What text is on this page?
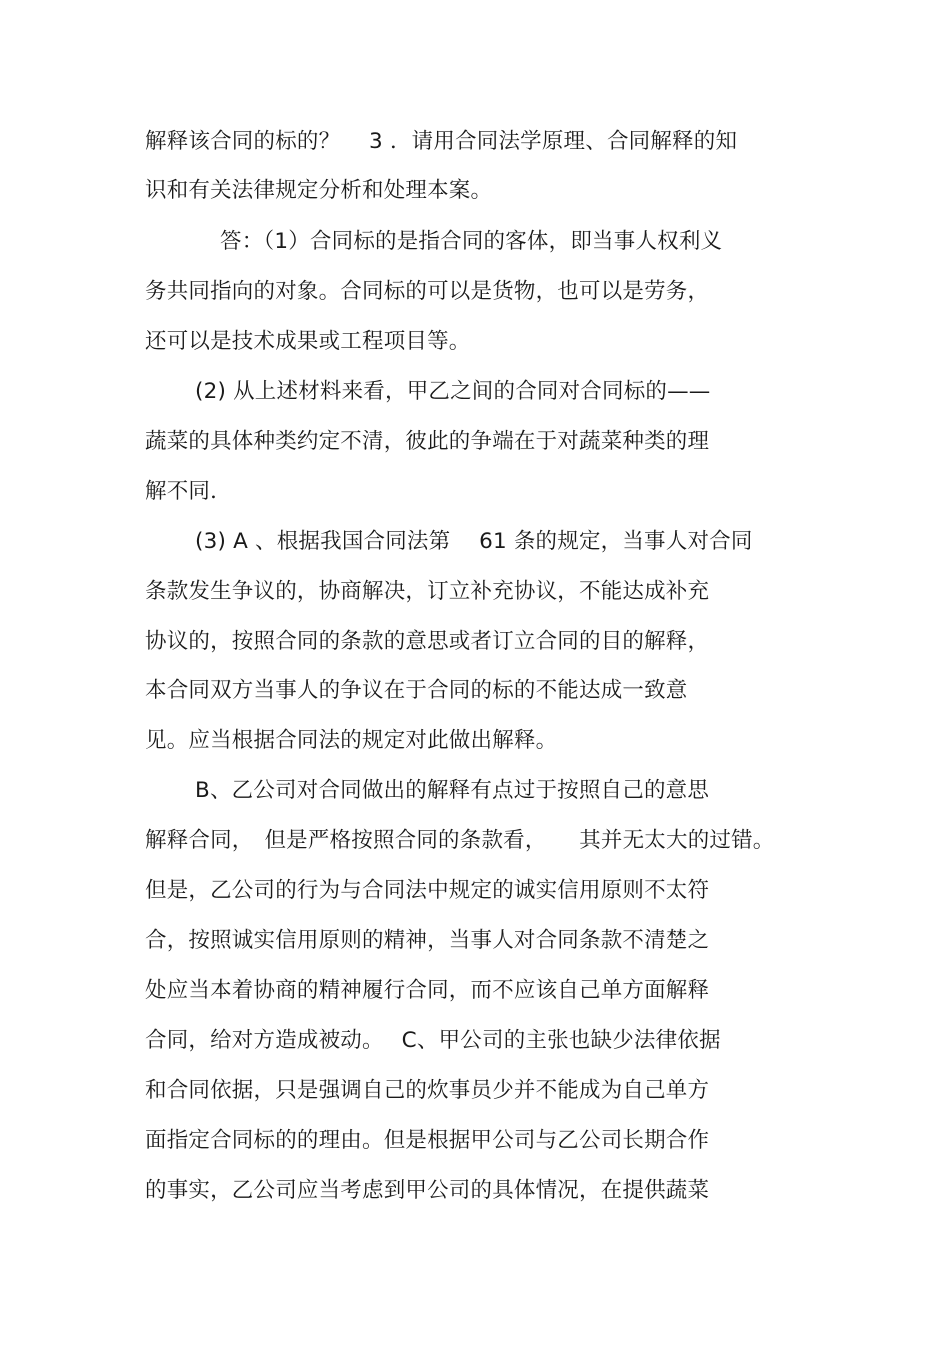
解释该合同的标的？　 3 ．请用合同法学原理、合同解释的知
识和有关法律规定分析和处理本案。
答：（1）合同标的是指合同的客体，即当事人权利义
务共同指向的对象。合同标的可以是货物，也可以是劳务，
还可以是技术成果或工程项目等。
(2) 从上述材料来看，甲乙之间的合同对合同标的——
蔬菜的具体种类约定不清，彼此的争端在于对蔬菜种类的理
解不同．
(3) A 、根据我国合同法第　 61 条的规定，当事人对合同
条款发生争议的，协商解决，订立补充协议，不能达成补充
协议的，按照合同的条款的意思或者订立合同的目的解释，
本合同双方当事人的争议在于合同的标的不能达成一致意
见。应当根据合同法的规定对此做出解释。
B、乙公司对合同做出的解释有点过于按照自己的意思
解释合同，　但是严格按照合同的条款看，　　其并无太大的过错。
但是，乙公司的行为与合同法中规定的诚实信用原则不太符
合，按照诚实信用原则的精神，当事人对合同条款不清楚之
处应当本着协商的精神履行合同，而不应该自己单方面解释
合同，给对方造成被动。　 C、甲公司的主张也缺少法律依据
和合同依据，只是强调自己的炊事员少并不能成为自己单方
面指定合同标的的理由。但是根据甲公司与乙公司长期合作
的事实，乙公司应当考虑到甲公司的具体情况，在提供蔬菜
